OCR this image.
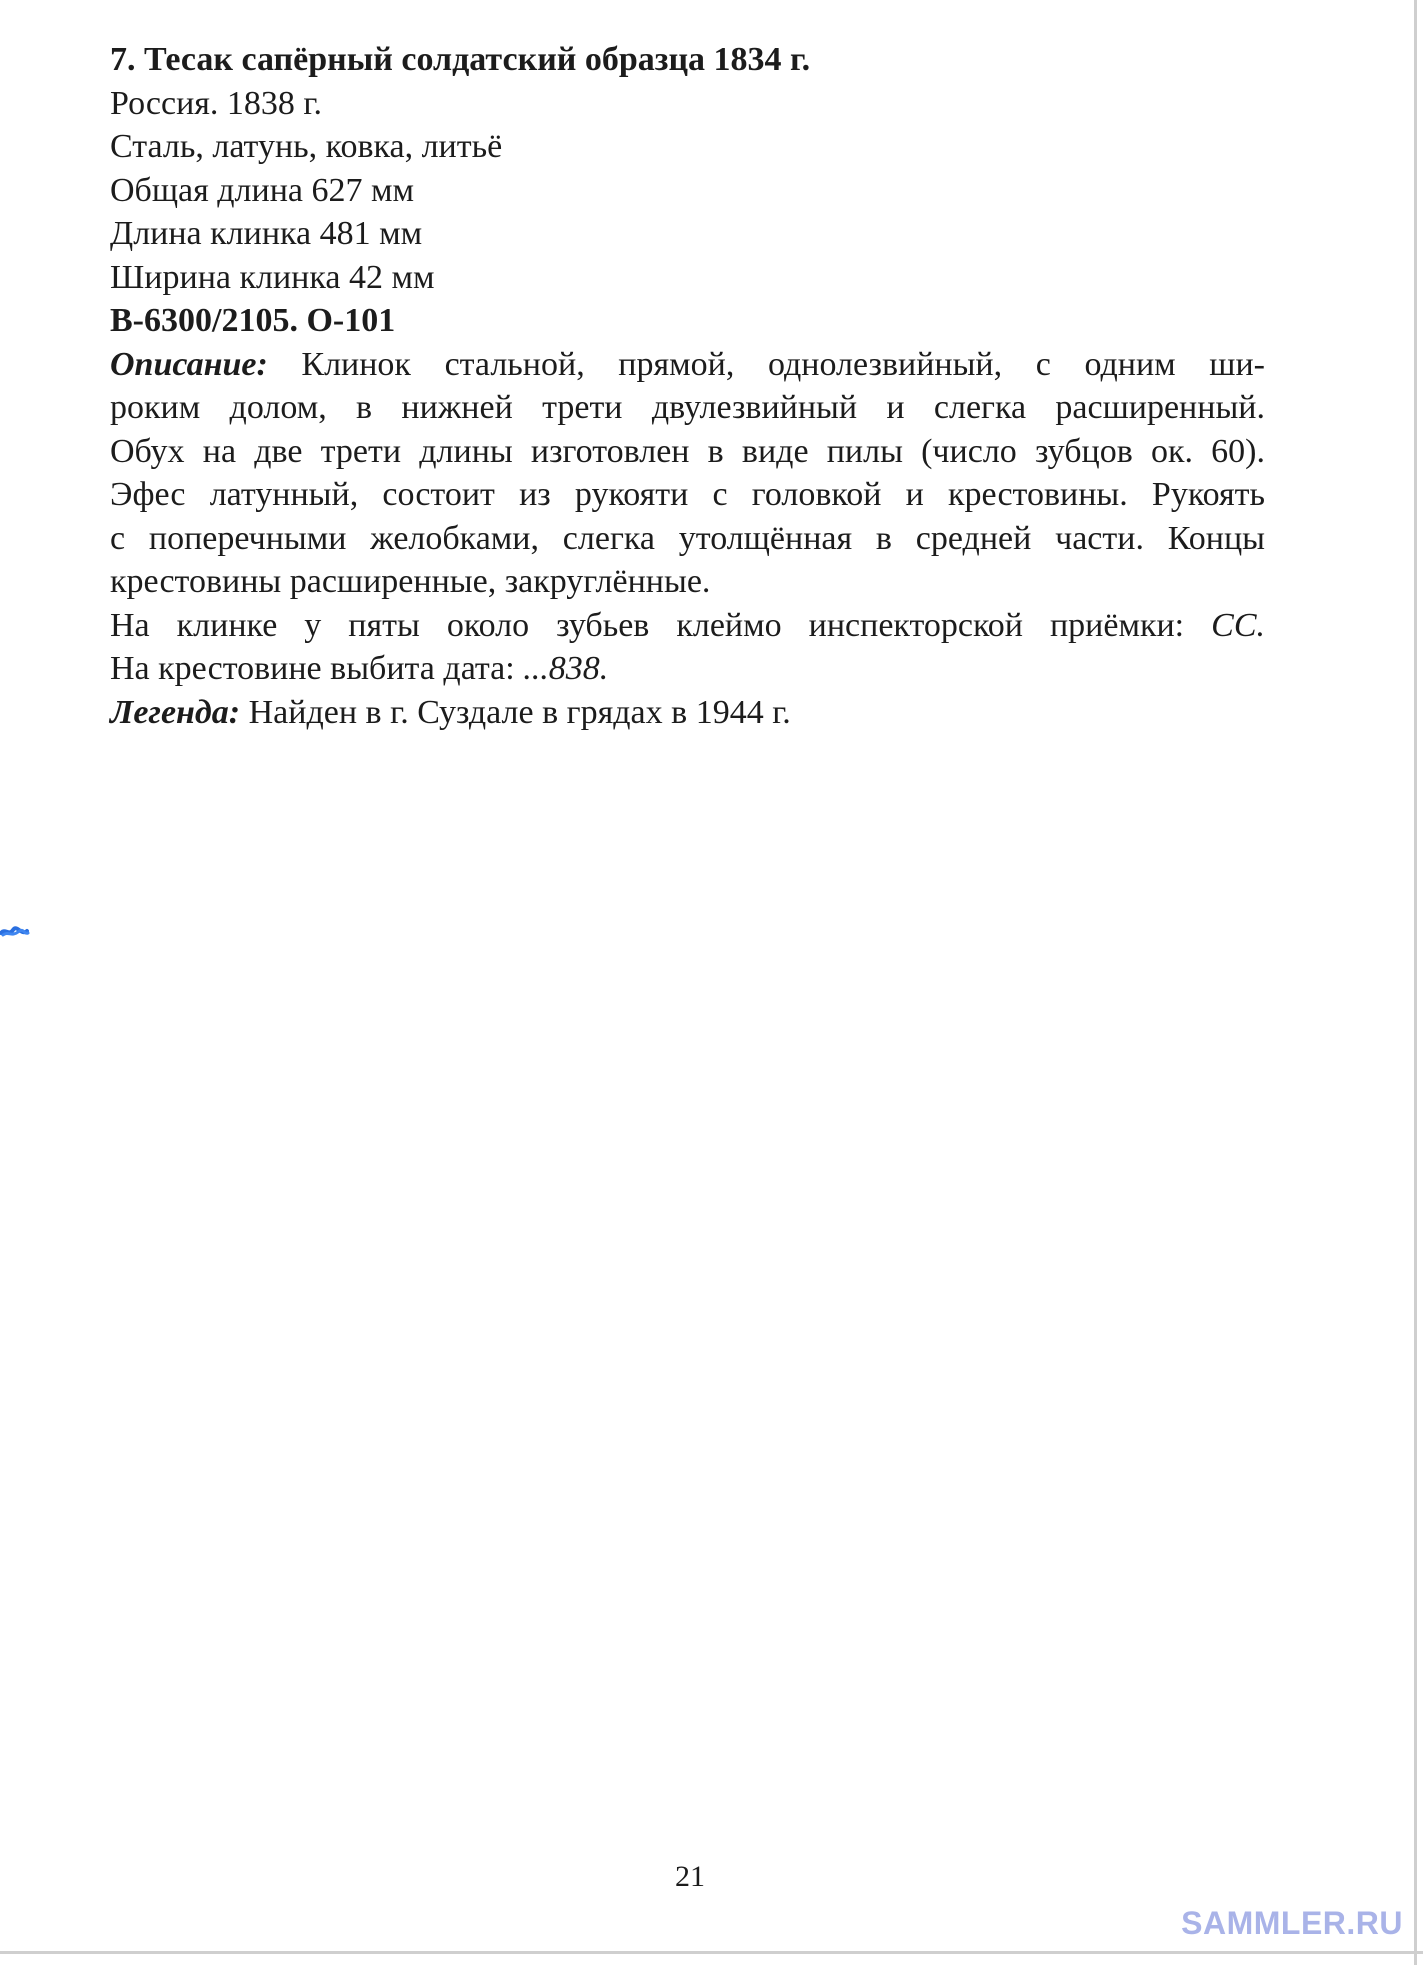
7. Тесак сапёрный солдатский образца 1834 г.
Россия. 1838 г.
Сталь, латунь, ковка, литьё
Общая длина 627 мм
Длина клинка 481 мм
Ширина клинка 42 мм
В-6300/2105. О-101
Описание: Клинок стальной, прямой, однолезвийный, с одним ши-
роким долом, в нижней трети двулезвийный и слегка расширенный.
Обух на две трети длины изготовлен в виде пилы (число зубцов ок. 60).
Эфес латунный, состоит из рукояти с головкой и крестовины. Рукоять
с поперечными желобками, слегка утолщённая в средней части. Концы
крестовины расширенные, закруглённые.
На клинке у пяты около зубьев клеймо инспекторской приёмки: СС.
На крестовине выбита дата: ...838.
Легенда: Найден в г. Суздале в грядах в 1944 г.
21
SAMMLER.RU
